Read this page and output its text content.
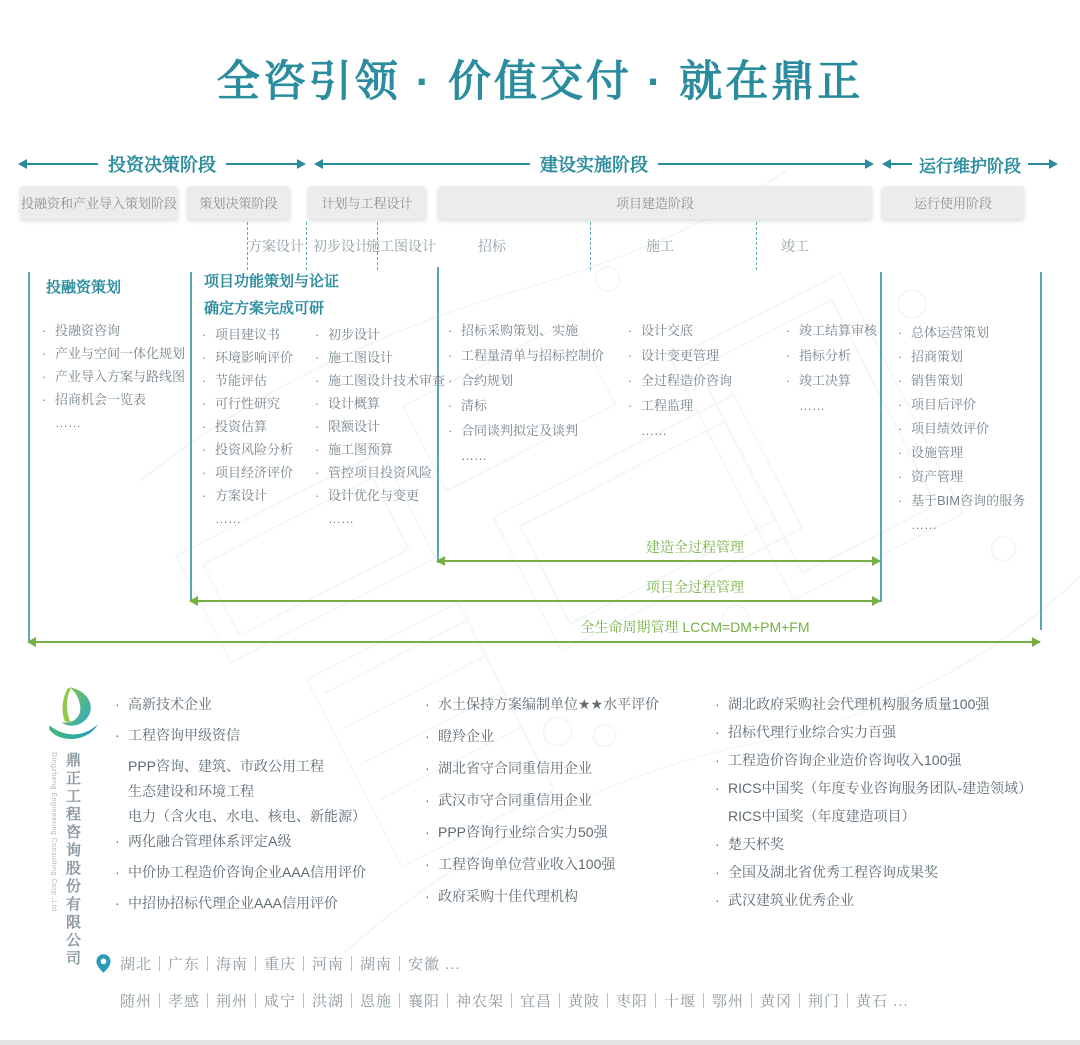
全咨引领 · 价值交付 · 就在鼎正
投资决策阶段	建设实施阶段	运行维护阶段
投融资和产业导入策划阶段	策划决策阶段	计划与工程设计	项目建造阶段	运行使用阶段
方案设计 初步设计
施工图设计	招标	施工	竣工
投融资策划	项目功能策划与论证
确定方案完成可研
· 投融资咨询
· 产业与空间一体化规划
· 产业导入方案与路线图
· 招商机会一览表
……
· 项目建议书
· 环境影响评价
· 节能评估
· 可行性研究
· 投资估算
· 投资风险分析
· 项目经济评价
· 方案设计
……
· 初步设计
· 施工图设计
· 施工图设计技术审查
· 设计概算
· 限额设计
· 施工图预算
· 管控项目投资风险
· 设计优化与变更
……
· 招标采购策划、实施
· 工程量清单与招标控制价
· 合约规划
· 清标
· 合同谈判拟定及谈判
……
· 设计交底
· 设计变更管理
· 全过程造价咨询
· 工程监理
……
· 竣工结算审核
· 指标分析
· 竣工决算
……
· 总体运营策划
· 招商策划
· 销售策划
· 项目后评价
· 项目绩效评价
· 设施管理
· 资产管理
· 基于BIM咨询的服务
……
建造全过程管理
项目全过程管理
全生命周期管理 LCCM=DM+PM+FM
鼎正工程咨询股份有限公司 Dingzheng Engineering Consulting Corp.,Ltd
· 高新技术企业
· 工程咨询甲级资信
PPP咨询、建筑、市政公用工程
生态建设和环境工程
电力（含火电、水电、核电、新能源）
· 两化融合管理体系评定A级
· 中价协工程造价咨询企业AAA信用评价
· 中招协招标代理企业AAA信用评价
· 水土保持方案编制单位★★水平评价
· 瞪羚企业
· 湖北省守合同重信用企业
· 武汉市守合同重信用企业
· PPP咨询行业综合实力50强
· 工程咨询单位营业收入100强
· 政府采购十佳代理机构
· 湖北政府采购社会代理机构服务质量100强
· 招标代理行业综合实力百强
· 工程造价咨询企业造价咨询收入100强
· RICS中国奖（年度专业咨询服务团队-建造领域）
RICS中国奖（年度建造项目）
· 楚天杯奖
· 全国及湖北省优秀工程咨询成果奖
· 武汉建筑业优秀企业
湖北｜广东｜海南｜重庆｜河南｜湖南｜安徽 ...
随州｜孝感｜荆州｜咸宁｜洪湖｜恩施｜襄阳｜神农架｜宜昌｜黄陂｜枣阳｜十堰｜鄂州｜黄冈｜荆门｜黄石 ...
